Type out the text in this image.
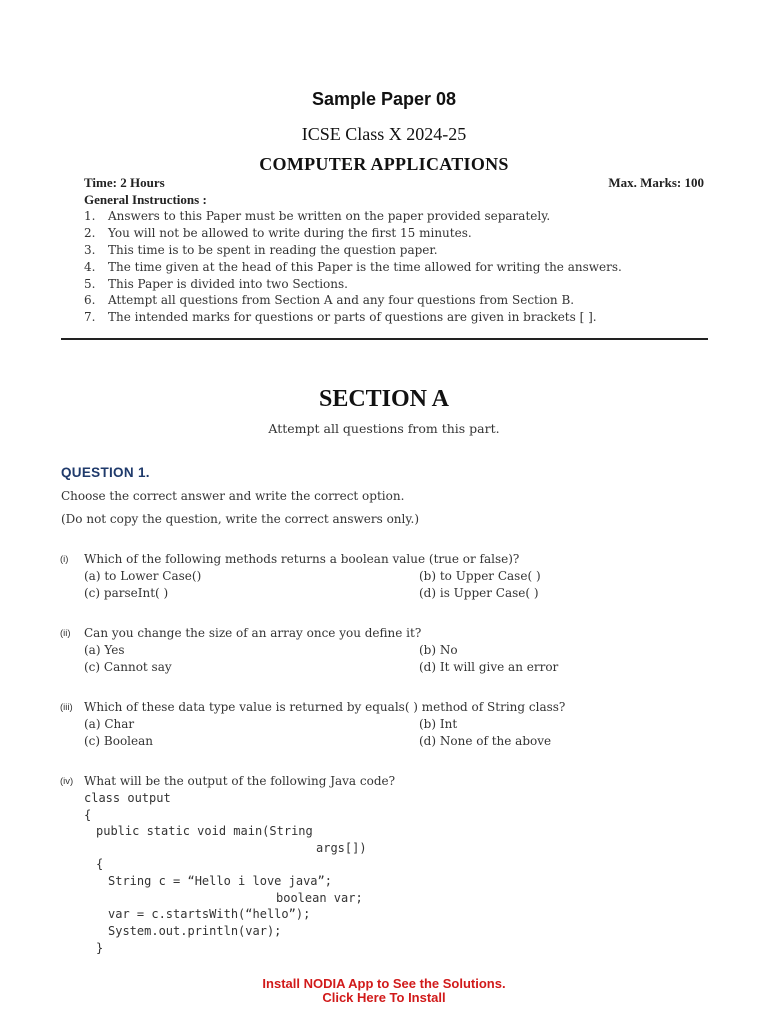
Sample Paper 08
ICSE Class X 2024-25
COMPUTER APPLICATIONS
Time: 2 Hours	Max. Marks: 100
General Instructions :
1.	Answers to this Paper must be written on the paper provided separately.
2.	You will not be allowed to write during the first 15 minutes.
3.	This time is to be spent in reading the question paper.
4.	The time given at the head of this Paper is the time allowed for writing the answers.
5.	This Paper is divided into two Sections.
6.	Attempt all questions from Section A and any four questions from Section B.
7.	The intended marks for questions or parts of questions are given in brackets [ ].
SECTION A
Attempt all questions from this part.
QUESTION 1.
Choose the correct answer and write the correct option.
(Do not copy the question, write the correct answers only.)
(i) Which of the following methods returns a boolean value (true or false)?
(a) to Lower Case()	(b) to Upper Case( )
(c) parseInt( )	(d) is Upper Case( )
(ii) Can you change the size of an array once you define it?
(a) Yes	(b) No
(c) Cannot say	(d) It will give an error
(iii) Which of these data type value is returned by equals( ) method of String class?
(a) Char	(b) Int
(c) Boolean	(d) None of the above
(iv) What will be the output of the following Java code?
class output
{
public static void main(String
args[])
{
String c = “Hello i love java”;
boolean var;
var = c.startsWith(“hello”);
System.out.println(var);
}
Install NODIA App to See the Solutions.
Click Here To Install
